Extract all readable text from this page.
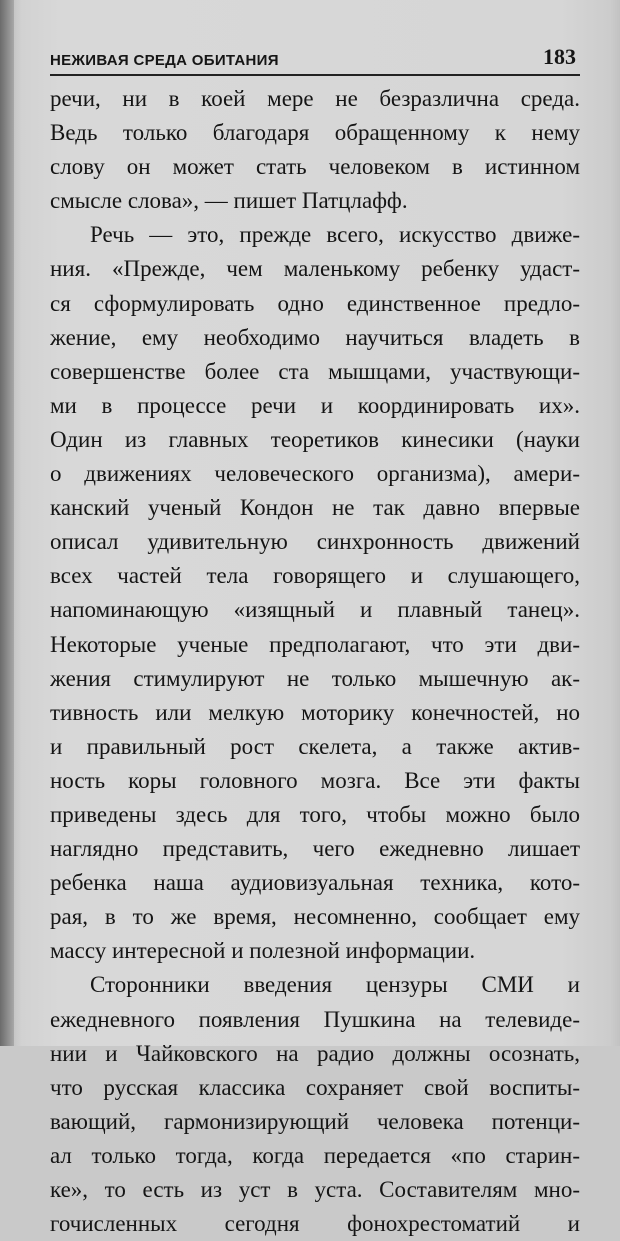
НЕЖИВАЯ СРЕДА ОБИТАНИЯ	183
речи, ни в коей мере не безразлична среда.
Ведь только благодаря обращенному к нему
слову он может стать человеком в истинном
смысле слова», — пишет Патцлафф.
Речь — это, прежде всего, искусство движе-
ния. «Прежде, чем маленькому ребенку удаст-
ся сформулировать одно единственное предло-
жение, ему необходимо научиться владеть в
совершенстве более ста мышцами, участвующи-
ми в процессе речи и координировать их».
Один из главных теоретиков кинесики (науки
о движениях человеческого организма), амери-
канский ученый Кондон не так давно впервые
описал удивительную синхронность движений
всех частей тела говорящего и слушающего,
напоминающую «изящный и плавный танец».
Некоторые ученые предполагают, что эти дви-
жения стимулируют не только мышечную ак-
тивность или мелкую моторику конечностей, но
и правильный рост скелета, а также актив-
ность коры головного мозга. Все эти факты
приведены здесь для того, чтобы можно было
наглядно представить, чего ежедневно лишает
ребенка наша аудиовизуальная техника, кото-
рая, в то же время, несомненно, сообщает ему
массу интересной и полезной информации.
Сторонники введения цензуры СМИ и
ежедневного появления Пушкина на телевиде-
нии и Чайковского на радио должны осознать,
что русская классика сохраняет свой воспиты-
вающий, гармонизирующий человека потенци-
ал только тогда, когда передается «по старин-
ке», то есть из уст в уста. Составителям мно-
гочисленных сегодня фонохрестоматий и
